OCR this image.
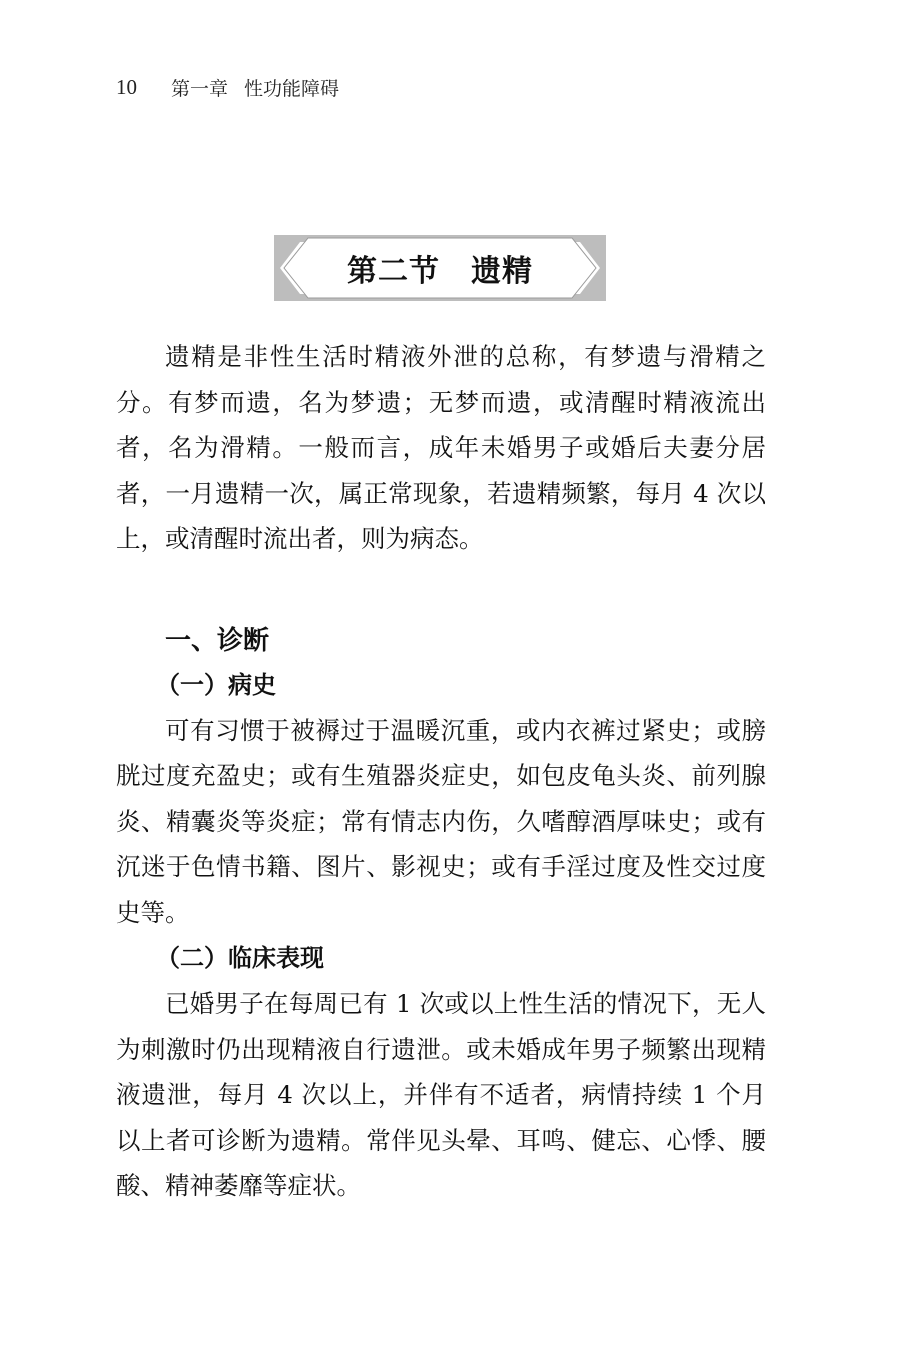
10 第一章 性功能障碍
第二节　遗精

遗精是非性生活时精液外泄的总称，有梦遗与滑精之分。有梦而遗，名为梦遗；无梦而遗，或清醒时精液流出者，名为滑精。一般而言，成年未婚男子或婚后夫妻分居者，一月遗精一次，属正常现象，若遗精频繁，每月 4 次以上，或清醒时流出者，则为病态。

一、诊断
（一）病史

可有习惯于被褥过于温暖沉重，或内衣裤过紧史；或膀胱过度充盈史；或有生殖器炎症史，如包皮龟头炎、前列腺炎、精囊炎等炎症；常有情志内伤，久嗜醇酒厚味史；或有沉迷于色情书籍、图片、影视史；或有手淫过度及性交过度史等。

（二）临床表现

已婚男子在每周已有 1 次或以上性生活的情况下，无人为刺激时仍出现精液自行遗泄。或未婚成年男子频繁出现精液遗泄，每月 4 次以上，并伴有不适者，病情持续 1 个月以上者可诊断为遗精。常伴见头晕、耳鸣、健忘、心悸、腰酸、精神萎靡等症状。
